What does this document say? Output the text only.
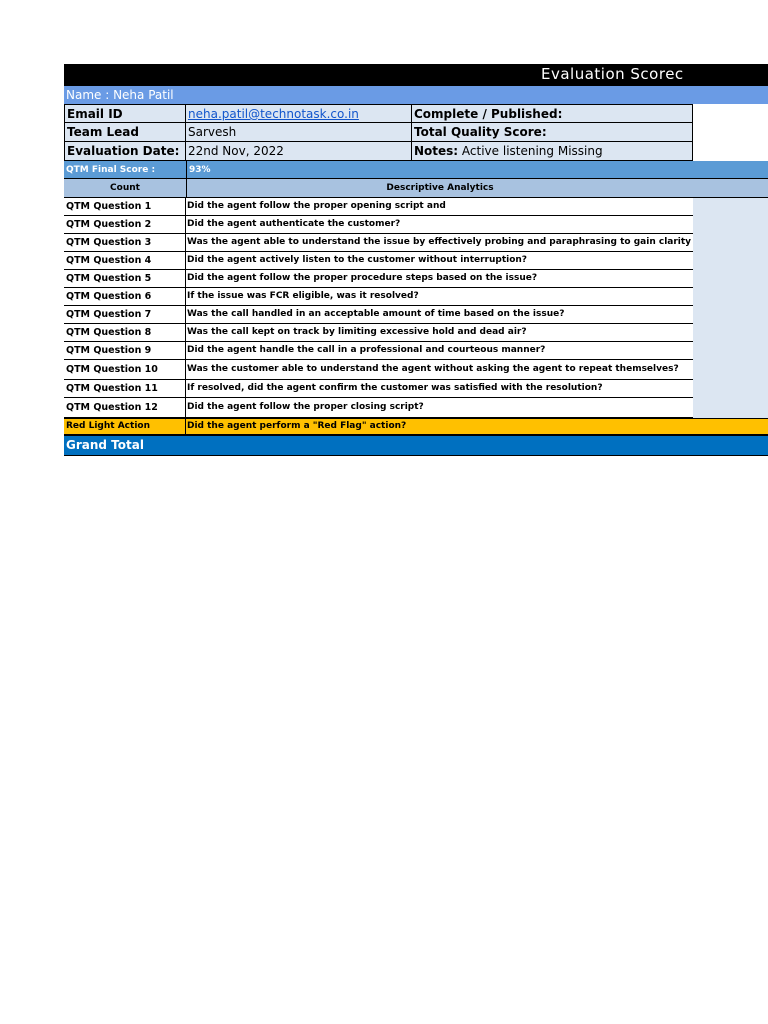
Evaluation Scorec
Name : Neha Patil
Email ID	neha.patil@technotask.co.in	Complete / Published:
Team Lead	Sarvesh	Total Quality Score:
Evaluation Date: 22nd Nov, 2022	Notes: Active listening Missing
QTM Final Score :	93%
Count	Descriptive Analytics
QTM Question 1	Did the agent follow the proper opening script and
QTM Question 2	Did the agent authenticate the customer?
QTM Question 3	Was the agent able to understand the issue by effectively probing and paraphrasing to gain clarity
QTM Question 4	Did the agent actively listen to the customer without interruption?
QTM Question 5	Did the agent follow the proper procedure steps based on the issue?
QTM Question 6	If the issue was FCR eligible, was it resolved?
QTM Question 7	Was the call handled in an acceptable amount of time based on the issue?
QTM Question 8	Was the call kept on track by limiting excessive hold and dead air?
QTM Question 9	Did the agent handle the call in a professional and courteous manner?
QTM Question 10	Was the customer able to understand the agent without asking the agent to repeat themselves?
QTM Question 11	If resolved, did the agent confirm the customer was satisfied with the resolution?
QTM Question 12	Did the agent follow the proper closing script?
Red Light Action	Did the agent perform a "Red Flag" action?
Grand Total
